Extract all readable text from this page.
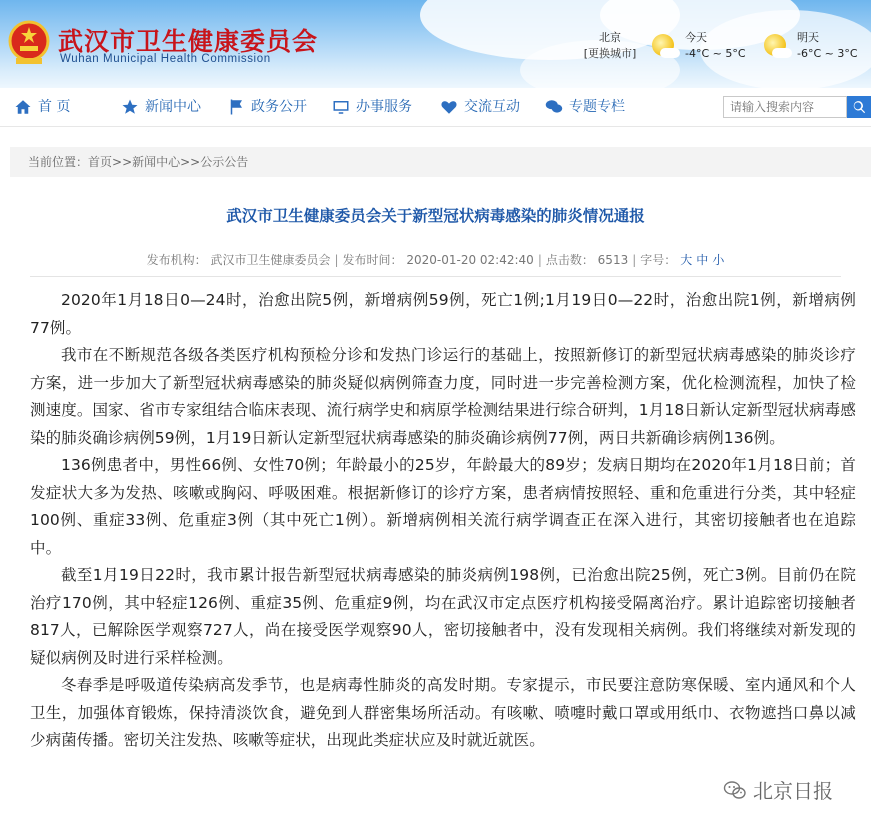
武汉市卫生健康委员会
Wuhan Municipal Health Commission
北京
[更换城市]
今天
-4°C ~ 5°C
明天
-6°C ~ 3°C
首 页	新闻中心	政务公开	办事服务	交流互动	专题专栏
请输入搜索内容
当前位置：首页>>新闻中心>>公示公告
武汉市卫生健康委员会关于新型冠状病毒感染的肺炎情况通报
发布机构： 武汉市卫生健康委员会 | 发布时间： 2020-01-20 02:42:40 | 点击数： 6513 | 字号： 大 中 小

2020年1月18日0—24时，治愈出院5例，新增病例59例，死亡1例;1月19日0—22时，治愈出院1例，新增病例77例。

我市在不断规范各级各类医疗机构预检分诊和发热门诊运行的基础上，按照新修订的新型冠状病毒感染的肺炎诊疗方案，进一步加大了新型冠状病毒感染的肺炎疑似病例筛查力度，同时进一步完善检测方案，优化检测流程，加快了检测速度。国家、省市专家组结合临床表现、流行病学史和病原学检测结果进行综合研判，1月18日新认定新型冠状病毒感染的肺炎确诊病例59例，1月19日新认定新型冠状病毒感染的肺炎确诊病例77例，两日共新确诊病例136例。

136例患者中，男性66例、女性70例；年龄最小的25岁，年龄最大的89岁；发病日期均在2020年1月18日前；首发症状大多为发热、咳嗽或胸闷、呼吸困难。根据新修订的诊疗方案，患者病情按照轻、重和危重进行分类，其中轻症100例、重症33例、危重症3例（其中死亡1例）。新增病例相关流行病学调查正在深入进行，其密切接触者也在追踪中。

截至1月19日22时，我市累计报告新型冠状病毒感染的肺炎病例198例，已治愈出院25例，死亡3例。目前仍在院治疗170例，其中轻症126例、重症35例、危重症9例，均在武汉市定点医疗机构接受隔离治疗。累计追踪密切接触者817人，已解除医学观察727人，尚在接受医学观察90人，密切接触者中，没有发现相关病例。我们将继续对新发现的疑似病例及时进行采样检测。

冬春季是呼吸道传染病高发季节，也是病毒性肺炎的高发时期。专家提示，市民要注意防寒保暖、室内通风和个人卫生，加强体育锻炼，保持清淡饮食，避免到人群密集场所活动。有咳嗽、喷嚏时戴口罩或用纸巾、衣物遮挡口鼻以减少病菌传播。密切关注发热、咳嗽等症状，出现此类症状应及时就近就医。

北京日报
